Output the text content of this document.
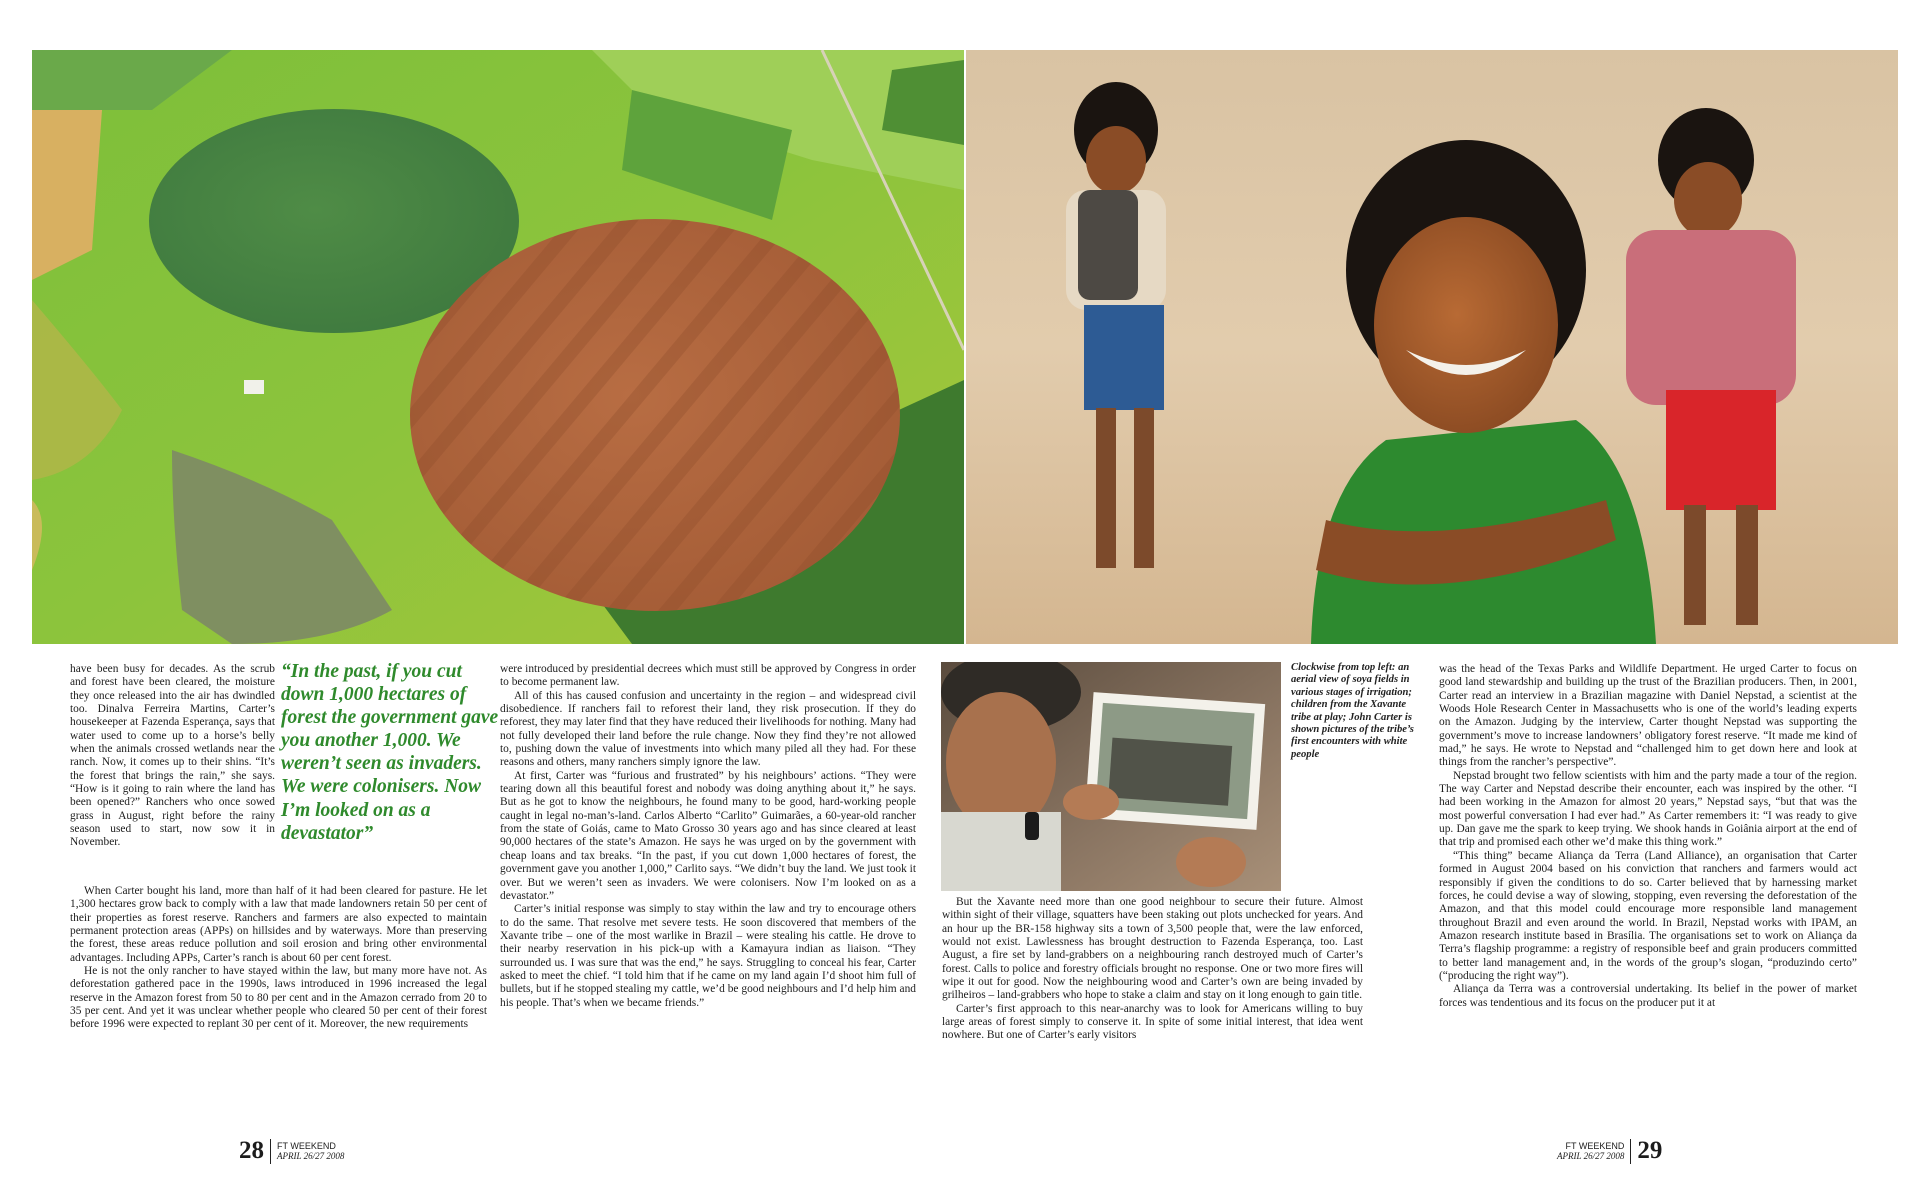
have been busy for decades. As the scrub and forest have been cleared, the moisture they once released into the air has dwindled too. Dinalva Ferreira Martins, Carter’s housekeeper at Fazenda Esperança, says that water used to come up to a horse’s belly when the animals crossed wetlands near the ranch. Now, it comes up to their shins. “It’s the forest that brings the rain,” she says. “How is it going to rain where the land has been opened?” Ranchers who once sowed grass in August, right before the rainy season used to start, now sow it in November.

“In the past, if you cut down 1,000 hectares of forest the government gave you another 1,000. We weren’t seen as invaders. We were colonisers. Now I’m looked on as a devastator”

When Carter bought his land, more than half of it had been cleared for pasture. He let 1,300 hectares grow back to comply with a law that made landowners retain 50 per cent of their properties as forest reserve. Ranchers and farmers are also expected to maintain permanent protection areas (APPs) on hillsides and by waterways. More than preserving the forest, these areas reduce pollution and soil erosion and bring other environmental advantages. Including APPs, Carter’s ranch is about 60 per cent forest.

He is not the only rancher to have stayed within the law, but many more have not. As deforestation gathered pace in the 1990s, laws introduced in 1996 increased the legal reserve in the Amazon forest from 50 to 80 per cent and in the Amazon cerrado from 20 to 35 per cent. And yet it was unclear whether people who cleared 50 per cent of their forest before 1996 were expected to replant 30 per cent of it. Moreover, the new requirements

were introduced by presidential decrees which must still be approved by Congress in order to become permanent law.

All of this has caused confusion and uncertainty in the region – and widespread civil disobedience. If ranchers fail to reforest their land, they risk prosecution. If they do reforest, they may later find that they have reduced their livelihoods for nothing. Many had not fully developed their land before the rule change. Now they find they’re not allowed to, pushing down the value of investments into which many piled all they had. For these reasons and others, many ranchers simply ignore the law.

At first, Carter was “furious and frustrated” by his neighbours’ actions. “They were tearing down all this beautiful forest and nobody was doing anything about it,” he says. But as he got to know the neighbours, he found many to be good, hard-working people caught in legal no-man’s-land. Carlos Alberto “Carlito” Guimarães, a 60-year-old rancher from the state of Goiás, came to Mato Grosso 30 years ago and has since cleared at least 90,000 hectares of the state’s Amazon. He says he was urged on by the government with cheap loans and tax breaks. “In the past, if you cut down 1,000 hectares of forest, the government gave you another 1,000,” Carlito says. “We didn’t buy the land. We just took it over. But we weren’t seen as invaders. We were colonisers. Now I’m looked on as a devastator.”

Carter’s initial response was simply to stay within the law and try to encourage others to do the same. That resolve met severe tests. He soon discovered that members of the Xavante tribe – one of the most warlike in Brazil – were stealing his cattle. He drove to their nearby reservation in his pick-up with a Kamayura indian as liaison. “They surrounded us. I was sure that was the end,” he says. Struggling to conceal his fear, Carter asked to meet the chief. “I told him that if he came on my land again I’d shoot him full of bullets, but if he stopped stealing my cattle, we’d be good neighbours and I’d help him and his people. That’s when we became friends.”

Clockwise from top left: an aerial view of soya fields in various stages of irrigation; children from the Xavante tribe at play; John Carter is shown pictures of the tribe’s first encounters with white people

But the Xavante need more than one good neighbour to secure their future. Almost within sight of their village, squatters have been staking out plots unchecked for years. And an hour up the BR-158 highway sits a town of 3,500 people that, were the law enforced, would not exist. Lawlessness has brought destruction to Fazenda Esperança, too. Last August, a fire set by land-grabbers on a neighbouring ranch destroyed much of Carter’s forest. Calls to police and forestry officials brought no response. One or two more fires will wipe it out for good. Now the neighbouring wood and Carter’s own are being invaded by grilheiros – land-grabbers who hope to stake a claim and stay on it long enough to gain title.

Carter’s first approach to this near-anarchy was to look for Americans willing to buy large areas of forest simply to conserve it. In spite of some initial interest, that idea went nowhere. But one of Carter’s early visitors

was the head of the Texas Parks and Wildlife Department. He urged Carter to focus on good land stewardship and building up the trust of the Brazilian producers. Then, in 2001, Carter read an interview in a Brazilian magazine with Daniel Nepstad, a scientist at the Woods Hole Research Center in Massachusetts who is one of the world’s leading experts on the Amazon. Judging by the interview, Carter thought Nepstad was supporting the government’s move to increase landowners’ obligatory forest reserve. “It made me kind of mad,” he says. He wrote to Nepstad and “challenged him to get down here and look at things from the rancher’s perspective”.

Nepstad brought two fellow scientists with him and the party made a tour of the region. The way Carter and Nepstad describe their encounter, each was inspired by the other. “I had been working in the Amazon for almost 20 years,” Nepstad says, “but that was the most powerful conversation I had ever had.” As Carter remembers it: “I was ready to give up. Dan gave me the spark to keep trying. We shook hands in Goiânia airport at the end of that trip and promised each other we’d make this thing work.”

“This thing” became Aliança da Terra (Land Alliance), an organisation that Carter formed in August 2004 based on his conviction that ranchers and farmers would act responsibly if given the conditions to do so. Carter believed that by harnessing market forces, he could devise a way of slowing, stopping, even reversing the deforestation of the Amazon, and that this model could encourage more responsible land management throughout Brazil and even around the world. In Brazil, Nepstad works with IPAM, an Amazon research institute based in Brasília. The organisations set to work on Aliança da Terra’s flagship programme: a registry of responsible beef and grain producers committed to better land management and, in the words of the group’s slogan, “produzindo certo” (“producing the right way”).

Aliança da Terra was a controversial undertaking. Its belief in the power of market forces was tendentious and its focus on the producer put it at

28 FT WEEKEND
APRIL 26/27 2008
FT WEEKEND
APRIL 26/27 2008 29
